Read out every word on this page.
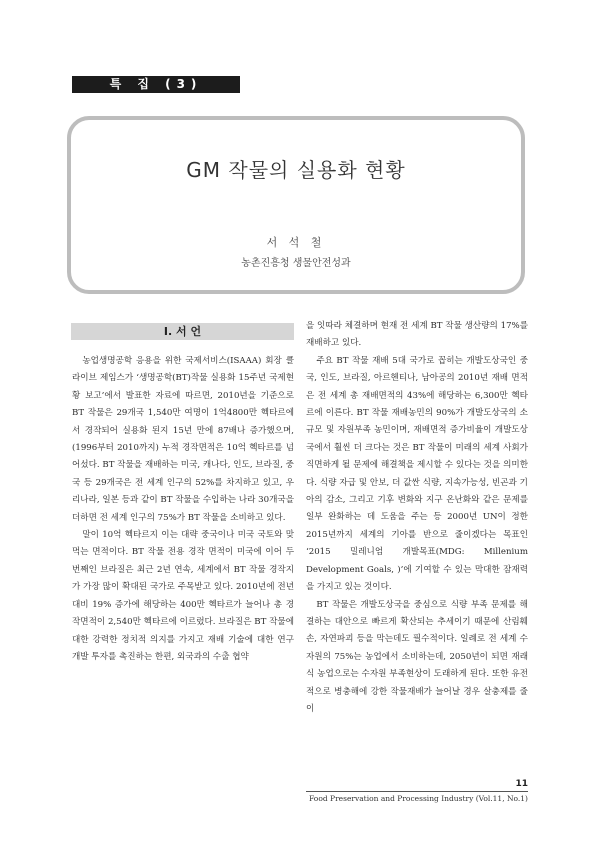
특 집 (3)
GM 작물의 실용화 현황
서 석 철
농촌진흥청 생물안전성과
Ⅰ. 서 언

농업생명공학 응용을 위한 국제서비스(ISAAA) 회장 클라이브 제임스가 ‘생명공학(BT)작물 실용화 15주년 국제현황 보고’에서 발표한 자료에 따르면, 2010년을 기준으로 BT 작물은 29개국 1,540만 여명이 1억4800만 헥타르에서 경작되어 실용화 된지 15년 만에 87배나 증가했으며, (1996부터 2010까지) 누적 경작면적은 10억 헥타르를 넘어섰다. BT 작물을 재배하는 미국, 캐나다, 인도, 브라질, 중국 등 29개국은 전 세계 인구의 52%를 차지하고 있고, 우리나라, 일본 등과 같이 BT 작물을 수입하는 나라 30개국을 더하면 전 세계 인구의 75%가 BT 작물을 소비하고 있다.

말이 10억 헥타르지 이는 대략 중국이나 미국 국토와 맞먹는 면적이다. BT 작물 전용 경작 면적이 미국에 이어 두 번째인 브라질은 최근 2년 연속, 세계에서 BT 작물 경작지가 가장 많이 확대된 국가로 주목받고 있다. 2010년에 전년 대비 19% 증가에 해당하는 400만 헥타르가 늘어나 총 경작면적이 2,540만 헥타르에 이르렀다. 브라질은 BT 작물에 대한 강력한 정치적 의지를 가지고 재배 기술에 대한 연구 개발 투자를 촉진하는 한편, 외국과의 수출 협약

을 잇따라 체결하며 현재 전 세계 BT 작물 생산량의 17%를 재배하고 있다.

주요 BT 작물 재배 5대 국가로 꼽히는 개발도상국인 중국, 인도, 브라질, 아르헨티나, 남아공의 2010년 재배 면적은 전 세계 총 재배면적의 43%에 해당하는 6,300만 헥타르에 이른다. BT 작물 재배농민의 90%가 개발도상국의 소규모 및 자원부족 농민이며, 재배면적 증가비율이 개발도상국에서 훨씬 더 크다는 것은 BT 작물이 미래의 세계 사회가 직면하게 될 문제에 해결책을 제시할 수 있다는 것을 의미한다. 식량 자급 및 안보, 더 값싼 식량, 지속가능성, 빈곤과 기아의 감소, 그리고 기후 변화와 지구 온난화와 같은 문제를 일부 완화하는 데 도움을 주는 등 2000년 UN이 정한 2015년까지 세계의 기아를 반으로 줄이겠다는 목표인 ‘2015 밀레니엄 개발목표(MDG: Millenium Development Goals, )’에 기여할 수 있는 막대한 잠재력을 가지고 있는 것이다.

BT 작물은 개발도상국을 중심으로 식량 부족 문제를 해결하는 대안으로 빠르게 확산되는 추세이기 때문에 산림훼손, 자연파괴 등을 막는데도 필수적이다. 일례로 전 세계 수자원의 75%는 농업에서 소비하는데, 2050년이 되면 재래식 농업으로는 수자원 부족현상이 도래하게 된다. 또한 유전적으로 병충해에 강한 작물재배가 늘어날 경우 살충제를 줄이

11
Food Preservation and Processing Industry (Vol.11, No.1)
